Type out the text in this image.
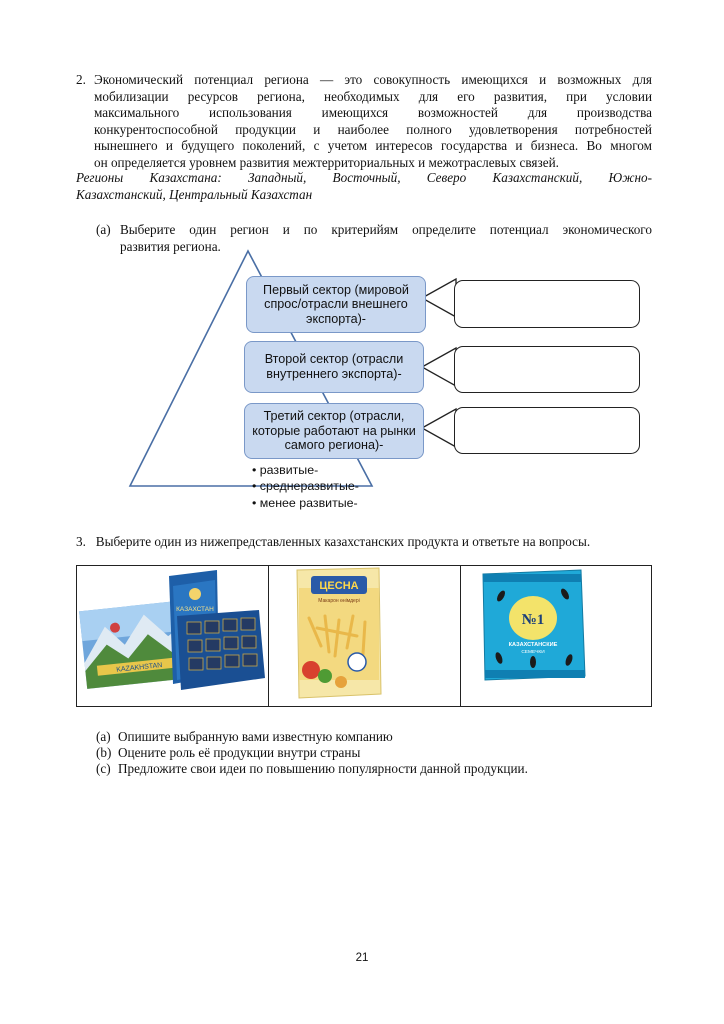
2. Экономический потенциал региона — это совокупность имеющихся и возможных для
мобилизации ресурсов региона, необходимых для его развития, при условии
максимального использования имеющихся возможностей для производства
конкурентоспособной продукции и наиболее полного удовлетворения потребностей
нынешнего и будущего поколений, с учетом интересов государства и бизнеса. Во многом
он определяется уровнем развития межтерриториальных и межотраслевых связей.
Регионы Казахстана: Западный, Восточный, Северо Казахстанский, Южно-
Казахстанский, Центральный Казахстан
(a) Выберите один регион и по критерийям определите потенциал экономического
развития региона.
Первый сектор (мировой спрос/отрасли внешнего экспорта)-
Второй сектор (отрасли внутреннего экспорта)-
Третий сектор (отрасли, которые работают на рынки самого региона)-
• развитые-
• среднеразвитые-
• менее развитые-
3. Выберите один из нижепредставленных казахстанских продукта и ответьте на вопросы.
KAZAKHSTAN
КАЗАХСТАН
ЦЕСНА
Макарон өнімдері
№1
КАЗАХСТАНСКИЕ
СЕМЕЧКИ
(a) Опишите выбранную вами известную компанию
(b) Оцените роль её продукции внутри страны
(c) Предложите свои идеи по повышению популярности данной продукции.
21
